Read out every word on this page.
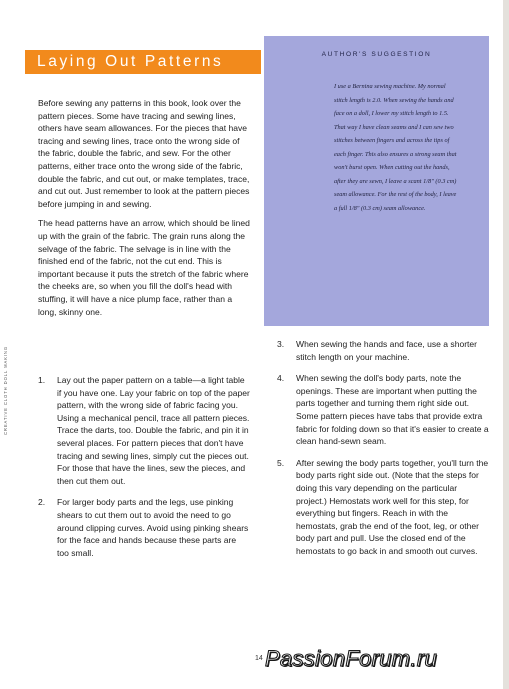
CREATIVE CLOTH DOLL MAKING
Laying Out Patterns

Before sewing any patterns in this book, look over the pattern pieces. Some have tracing and sewing lines, others have seam allowances. For the pieces that have tracing and sewing lines, trace onto the wrong side of the fabric, double the fabric, and sew. For the other patterns, either trace onto the wrong side of the fabric, double the fabric, and cut out, or make templates, trace, and cut out. Just remember to look at the pattern pieces before jumping in and sewing.

The head patterns have an arrow, which should be lined up with the grain of the fabric. The grain runs along the selvage of the fabric. The selvage is in line with the finished end of the fabric, not the cut end. This is important because it puts the stretch of the fabric where the cheeks are, so when you fill the doll's head with stuffing, it will have a nice plump face, rather than a long, skinny one.

1. Lay out the paper pattern on a table—a light table if you have one. Lay your fabric on top of the paper pattern, with the wrong side of fabric facing you. Using a mechanical pencil, trace all pattern pieces. Trace the darts, too. Double the fabric, and pin it in several places. For pattern pieces that don't have tracing and sewing lines, simply cut the pieces out. For those that have the lines, sew the pieces, and then cut them out.
2. For larger body parts and the legs, use pinking shears to cut them out to avoid the need to go around clipping curves. Avoid using pinking shears for the face and hands because these parts are too small.
AUTHOR'S SUGGESTION
I use a Bernina sewing machine. My normal stitch length is 2.0. When sewing the hands and face on a doll, I lower my stitch length to 1.5. That way I have clean seams and I can sew two stitches between fingers and across the tips of each finger. This also ensures a strong seam that won't burst open. When cutting out the hands, after they are sewn, I leave a scant 1/8" (0.3 cm) seam allowance. For the rest of the body, I leave a full 1/8" (0.3 cm) seam allowance.
3. When sewing the hands and face, use a shorter stitch length on your machine.
4. When sewing the doll's body parts, note the openings. These are important when putting the parts together and turning them right side out. Some pattern pieces have tabs that provide extra fabric for folding down so that it's easier to create a clean hand-sewn seam.
5. After sewing the body parts together, you'll turn the body parts right side out. (Note that the steps for doing this vary depending on the particular project.) Hemostats work well for this step, for everything but fingers. Reach in with the hemostats, grab the end of the foot, leg, or other body part and pull. Use the closed end of the hemostats to go back in and smooth out curves.
14 PassionForum.ru
